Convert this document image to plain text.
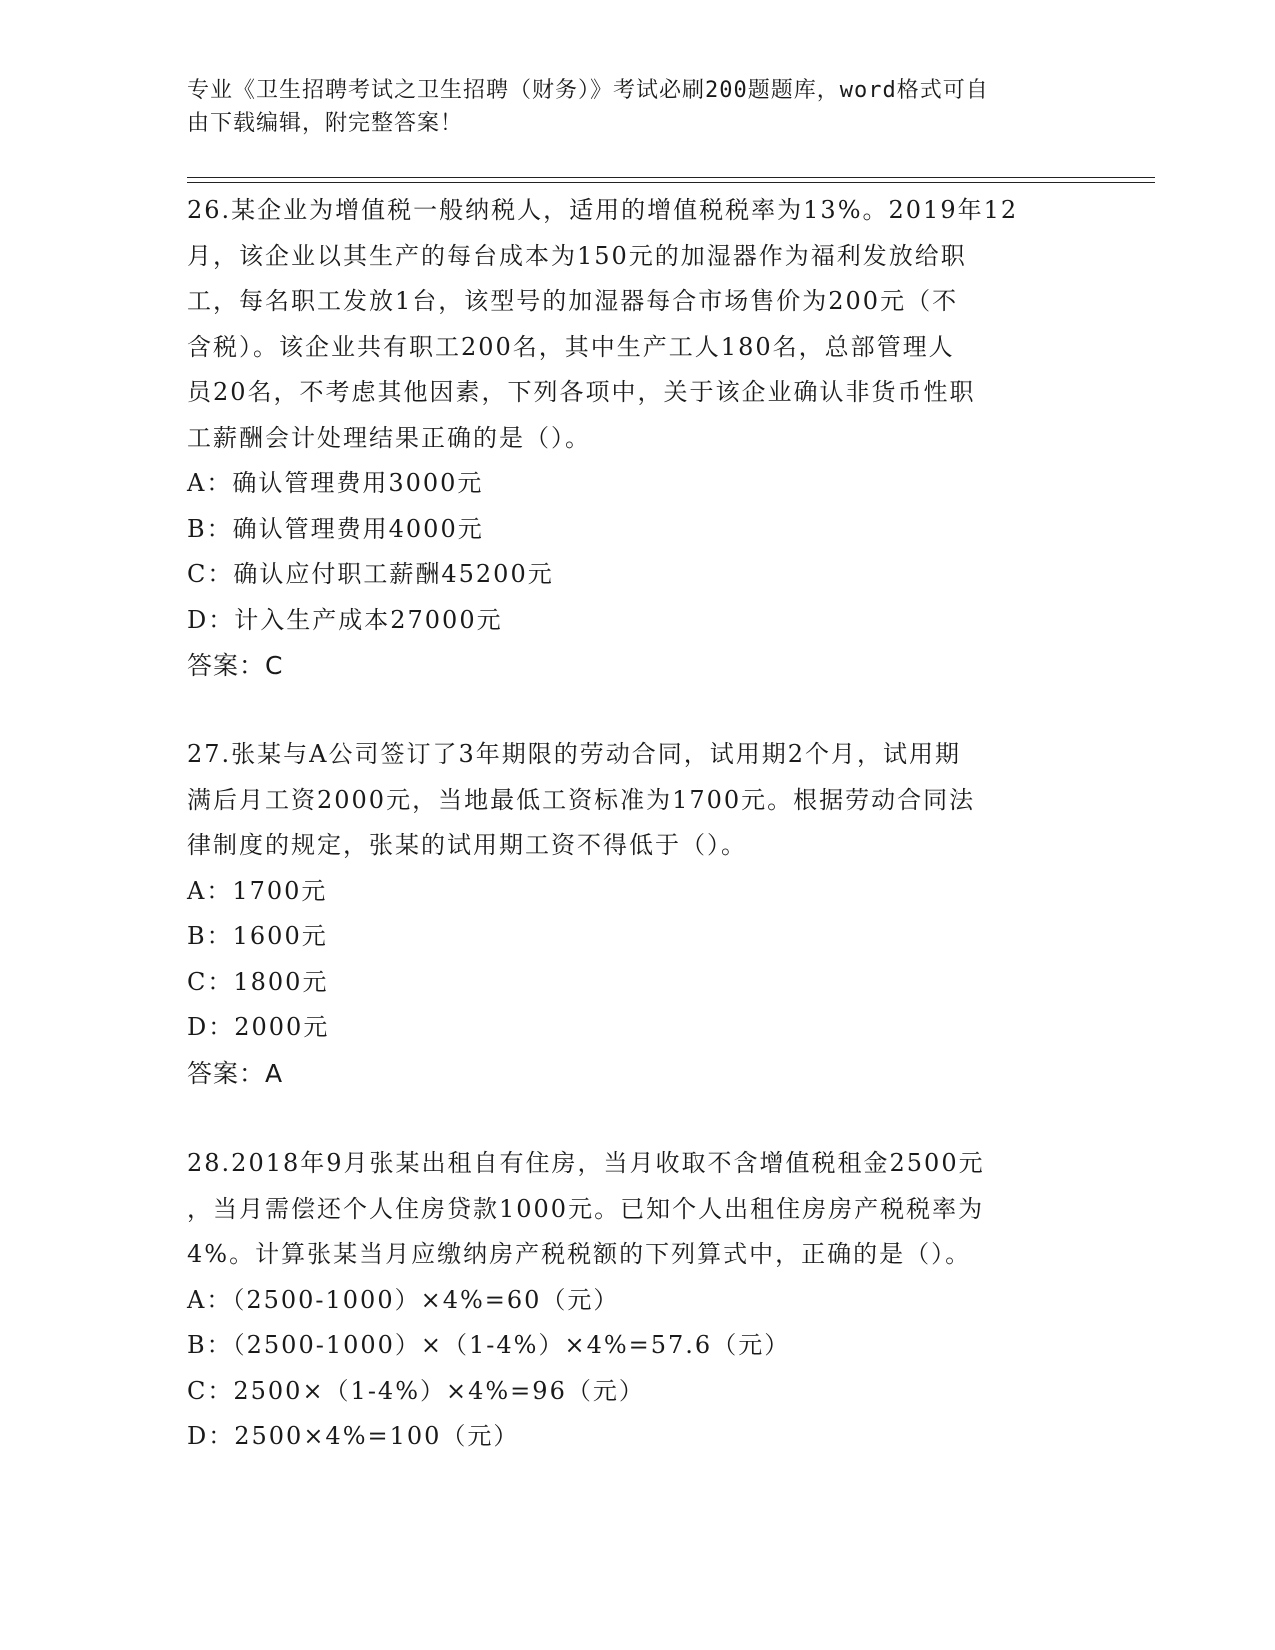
专业《卫生招聘考试之卫生招聘（财务）》考试必刷200题题库，word格式可自
由下载编辑，附完整答案！
26.某企业为增值税一般纳税人，适用的增值税税率为13%。2019年12
月，该企业以其生产的每台成本为150元的加湿器作为福利发放给职
工，每名职工发放1台，该型号的加湿器每合市场售价为200元（不
含税）。该企业共有职工200名，其中生产工人180名，总部管理人
员20名，不考虑其他因素，下列各项中，关于该企业确认非货币性职
工薪酬会计处理结果正确的是（）。
A：确认管理费用3000元
B：确认管理费用4000元
C：确认应付职工薪酬45200元
D：计入生产成本27000元
答案：C
27.张某与A公司签订了3年期限的劳动合同，试用期2个月，试用期
满后月工资2000元，当地最低工资标准为1700元。根据劳动合同法
律制度的规定，张某的试用期工资不得低于（）。
A：1700元
B：1600元
C：1800元
D：2000元
答案：A
28.2018年9月张某出租自有住房，当月收取不含增值税租金2500元
，当月需偿还个人住房贷款1000元。已知个人出租住房房产税税率为
4%。计算张某当月应缴纳房产税税额的下列算式中，正确的是（）。
A：（2500-1000）×4%=60（元）
B：（2500-1000）×（1-4%）×4%=57.6（元）
C：2500×（1-4%）×4%=96（元）
D：2500×4%=100（元）
